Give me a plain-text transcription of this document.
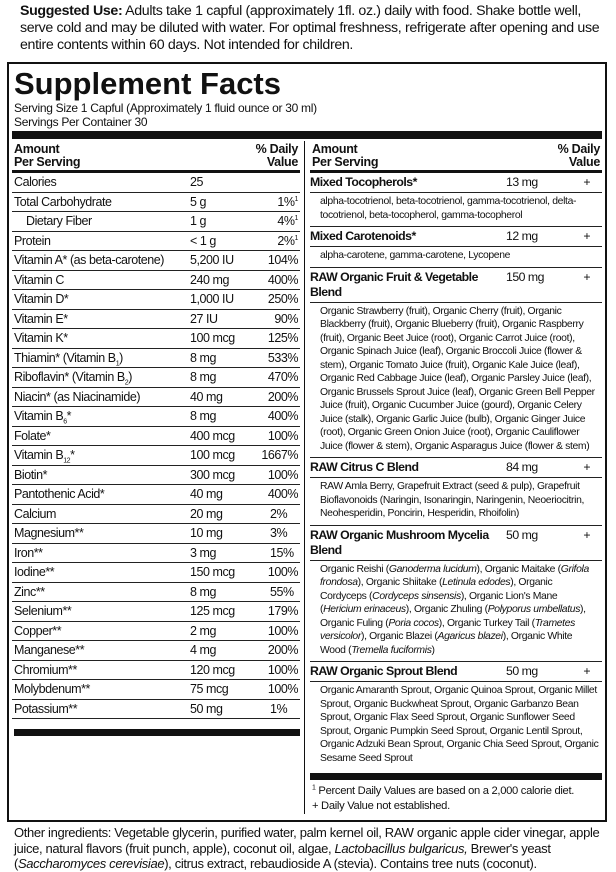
Suggested Use: Adults take 1 capful (approximately 1fl. oz.) daily with food. Shake bottle well, serve cold and may be diluted with water. For optimal freshness, refrigerate after opening and use entire contents within 60 days. Not intended for children.
Supplement Facts
Serving Size 1 Capful (Approximately 1 fluid ounce or 30 ml)
Servings Per Container 30
Amount
Per Serving
% Daily
Value
Calories	25
Total Carbohydrate	5 g	1%$^1$
Dietary Fiber	1 g	4%$^1$
Protein	< 1 g	2%$^1$
Vitamin A* (as beta-carotene)	5,200 IU	104%
Vitamin C	240 mg	400%
Vitamin D*	1,000 IU	250%
Vitamin E*	27 IU	90%
Vitamin K*	100 mcg	125%
Thiamin* (Vitamin $B_1$)	8 mg	533%
Riboflavin* (Vitamin $B_2$)	8 mg	470%
Niacin* (as Niacinamide)	40 mg	200%
Vitamin $B_6*$	8 mg	400%
Folate*	400 mcg	100%
Vitamin $B_{12}*$	100 mcg	1667%
Biotin*	300 mcg	100%
Pantothenic Acid*	40 mg	400%
Calcium	20 mg	2%
Magnesium**	10 mg	3%
Iron**	3 mg	15%
Iodine**	150 mcg	100%
Zinc**	8 mg	55%
Selenium**	125 mcg	179%
Copper**	2 mg	100%
Manganese**	4 mg	200%
Chromium**	120 mcg	100%
Molybdenum**	75 mcg	100%
Potassium**	50 mg	1%
Amount
Per Serving
% Daily
Value
Mixed Tocopherols*	13 mg	+
alpha-tocotrienol, beta-tocotrienol, gamma-tocotrienol, delta-tocotrienol, beta-tocopherol, gamma-tocopherol
Mixed Carotenoids*	12 mg	+
alpha-carotene, gamma-carotene, Lycopene
RAW Organic Fruit & Vegetable Blend
150 mg	+
Organic Strawberry (fruit), Organic Cherry (fruit), Organic Blackberry (fruit), Organic Blueberry (fruit), Organic Raspberry (fruit), Organic Beet Juice (root), Organic Carrot Juice (root), Organic Spinach Juice (leaf), Organic Broccoli Juice (flower & stem), Organic Tomato Juice (fruit), Organic Kale Juice (leaf), Organic Red Cabbage Juice (leaf), Organic Parsley Juice (leaf), Organic Brussels Sprout Juice (leaf), Organic Green Bell Pepper Juice (fruit), Organic Cucumber Juice (gourd), Organic Celery Juice (stalk), Organic Garlic Juice (bulb), Organic Ginger Juice (root), Organic Green Onion Juice (root), Organic Cauliflower Juice (flower & stem), Organic Asparagus Juice (flower & stem)
RAW Citrus C Blend	84 mg	+
RAW Amla Berry, Grapefruit Extract (seed & pulp), Grapefruit Bioflavonoids (Naringin, Isonaringin, Naringenin, Neoeriocitrin, Neohesperidin, Poncirin, Hesperidin, Rhoifolin)
RAW Organic Mushroom Mycelia Blend
50 mg	+
Organic Reishi (Ganoderma lucidum), Organic Maitake (Grifola frondosa), Organic Shiitake (Letinula edodes), Organic Cordyceps (Cordyceps sinsensis), Organic Lion's Mane (Hericium erinaceus), Organic Zhuling (Polyporus umbellatus), Organic Fuling (Poria cocos), Organic Turkey Tail (Trametes versicolor), Organic Blazei (Agaricus blazei), Organic White Wood (Tremella fuciformis)
RAW Organic Sprout Blend	50 mg	+
Organic Amaranth Sprout, Organic Quinoa Sprout, Organic Millet Sprout, Organic Buckwheat Sprout, Organic Garbanzo Bean Sprout, Organic Flax Seed Sprout, Organic Sunflower Seed Sprout, Organic Pumpkin Seed Sprout, Organic Lentil Sprout, Organic Adzuki Bean Sprout, Organic Chia Seed Sprout, Organic Sesame Seed Sprout
$^1$ Percent Daily Values are based on a 2,000 calorie diet.
+ Daily Value not established.
Other ingredients: Vegetable glycerin, purified water, palm kernel oil, RAW organic apple cider vinegar, apple juice, natural flavors (fruit punch, apple), coconut oil, algae, Lactobacillus bulgaricus, Brewer's yeast (Saccharomyces cerevisiae), citrus extract, rebaudioside A (stevia). Contains tree nuts (coconut).
